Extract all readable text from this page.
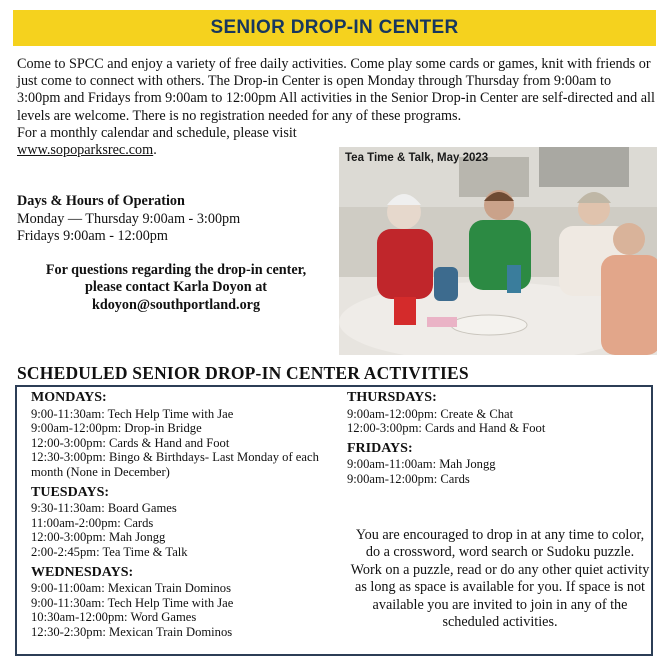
SENIOR DROP-IN CENTER
Come to SPCC and enjoy a variety of free daily activities. Come play some cards or games, knit with friends or just come to connect with others. The Drop-in Center is open Monday through Thursday from 9:00am to 3:00pm and Fridays from 9:00am to 12:00pm All activities in the Senior Drop-in Center are self-directed and all levels are welcome. There is no registration needed for any of these programs.
For a monthly calendar and schedule, please visit
www.sopoparksrec.com.
Days & Hours of Operation
Monday — Thursday 9:00am - 3:00pm
Fridays 9:00am - 12:00pm
For questions regarding the drop-in center,
please contact Karla Doyon at
kdoyon@southportland.org
Tea Time & Talk, May 2023
SCHEDULED SENIOR DROP-IN CENTER ACTIVITIES
MONDAYS:
9:00-11:30am: Tech Help Time with Jae
9:00am-12:00pm: Drop-in Bridge
12:00-3:00pm: Cards & Hand and Foot
12:30-3:00pm: Bingo & Birthdays- Last Monday of each month (None in December)
TUESDAYS:
9:30-11:30am: Board Games
11:00am-2:00pm: Cards
12:00-3:00pm: Mah Jongg
2:00-2:45pm: Tea Time & Talk
WEDNESDAYS:
9:00-11:00am: Mexican Train Dominos
9:00-11:30am: Tech Help Time with Jae
10:30am-12:00pm: Word Games
12:30-2:30pm: Mexican Train Dominos
THURSDAYS:
9:00am-12:00pm: Create & Chat
12:00-3:00pm: Cards and Hand & Foot
FRIDAYS:
9:00am-11:00am: Mah Jongg
9:00am-12:00pm: Cards
You are encouraged to drop in at any time to color, do a crossword, word search or Sudoku puzzle. Work on a puzzle, read or do any other quiet activity as long as space is available for you. If space is not available you are invited to join in any of the scheduled activities.
